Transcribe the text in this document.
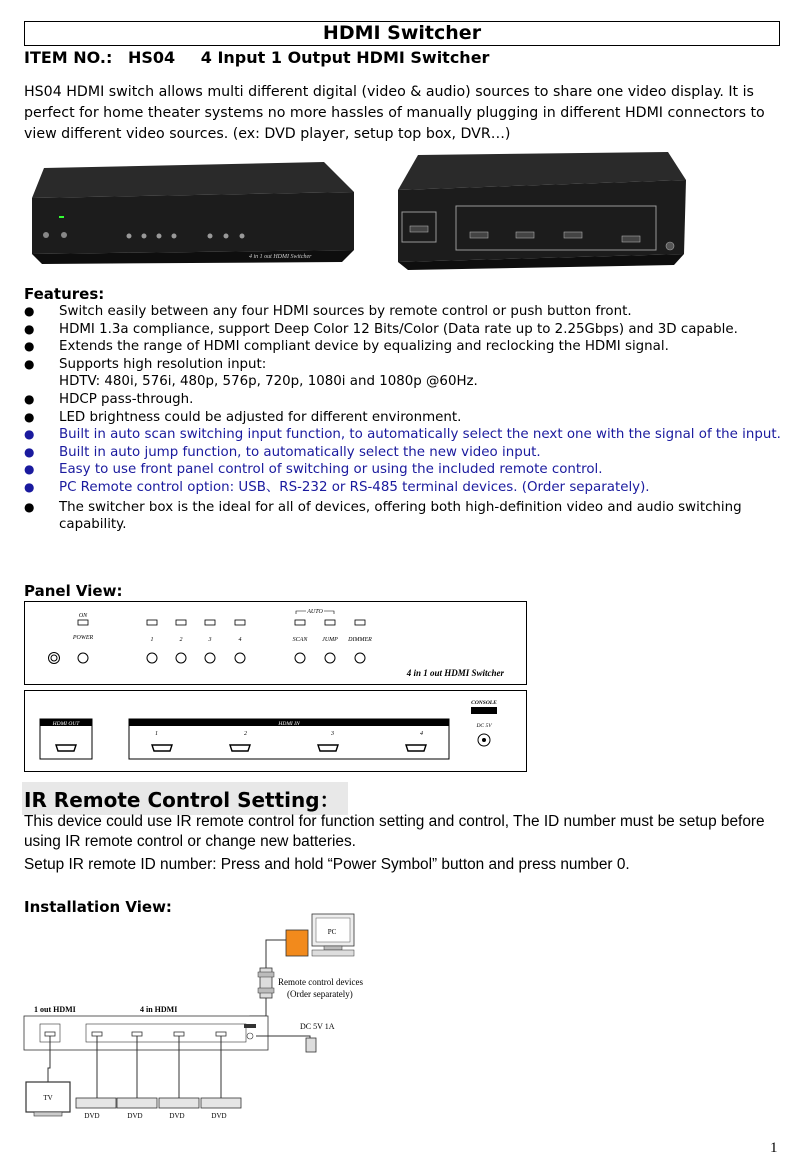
HDMI Switcher
ITEM NO.: HS04 4 Input 1 Output HDMI Switcher
HS04 HDMI switch allows multi different digital (video & audio) sources to share one video display. It is perfect for home theater systems no more hassles of manually plugging in different HDMI connectors to view different video sources. (ex: DVD player, setup top box, DVR…)
4 in 1 out HDMI Switcher
Features:
● Switch easily between any four HDMI sources by remote control or push button front.
● HDMI 1.3a compliance, support Deep Color 12 Bits/Color (Data rate up to 2.25Gbps) and 3D capable.
● Extends the range of HDMI compliant device by equalizing and reclocking the HDMI signal.
● Supports high resolution input:
HDTV: 480i, 576i, 480p, 576p, 720p, 1080i and 1080p @60Hz.
● HDCP pass-through.
● LED brightness could be adjusted for different environment.
● Built in auto scan switching input function, to automatically select the next one with the signal of the input.
● Built in auto jump function, to automatically select the new video input.
● Easy to use front panel control of switching or using the included remote control.
● PC Remote control option: USB、RS-232 or RS-485 terminal devices. (Order separately).
● The switcher box is the ideal for all of devices, offering both high-definition video and audio switching capability.
Panel View:
ON
POWER	1	2	3	4
AUTO
SCAN JUMP DIMMER
4 in 1 out HDMI Switcher
HDMI OUT	HDMI IN
1	2	3	4
CONSOLE
DC 5V
IR Remote Control Setting：
This device could use IR remote control for function setting and control, The ID number must be setup before using IR remote control or change new batteries.
Setup IR remote ID number: Press and hold “Power Symbol” button and press number 0.
Installation View:
PC
Remote control devices
(Order separately)
1 out HDMI	4 in HDMI
DC 5V 1A
TV
DVD	DVD	DVD	DVD
1
